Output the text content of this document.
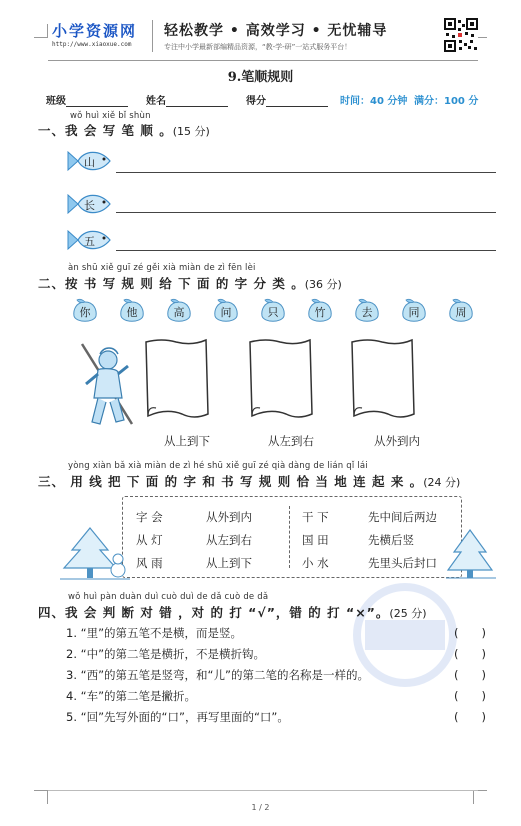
小学资源网
http://www.xiaoxue.com
轻松教学 • 高效学习 • 无忧辅导
专注中小学最新部编精品资源，“教-学-研”一站式服务平台！
9.笔顺规则
班级	姓名	得分	时间：40 分钟 满分：100 分
wǒ huì xiě bǐ shùn
一、我 会 写 笔 顺 。(15 分)
山
长
五
àn shū xiě guī zé gěi xià miàn de zì fēn lèi
二、按 书 写 规 则 给 下 面 的 字 分 类 。(36 分)
你	他	高	问	只	竹	去	同	周
从上到下	从左到右	从外到内
yòng xiàn bǎ xià miàn de zì hé shū xiě guī zé qià dàng de lián qǐ lái
三、 用 线 把 下 面 的 字 和 书 写 规 则 恰 当 地 连 起 来 。(24 分)
字 会	从外到内
从 灯	从左到右
风 雨	从上到下
干 下	先中间后两边
国 田	先横后竖
小 水	先里头后封口
wǒ huì pàn duàn duì cuò duì de dǎ cuò de dǎ
四、我 会 判 断 对 错 ，对 的 打 “√”，错 的 打 “×”。(25 分)
1. “里”的第五笔不是横，而是竖。	(　　)
2. “中”的第二笔是横折，不是横折钩。	(　　)
3. “西”的第五笔是竖弯，和“儿”的第二笔的名称是一样的。	(　　)
4. “车”的第二笔是撇折。	(　　)
5. “回”先写外面的“口”，再写里面的“口”。	(　　)
1 / 2
